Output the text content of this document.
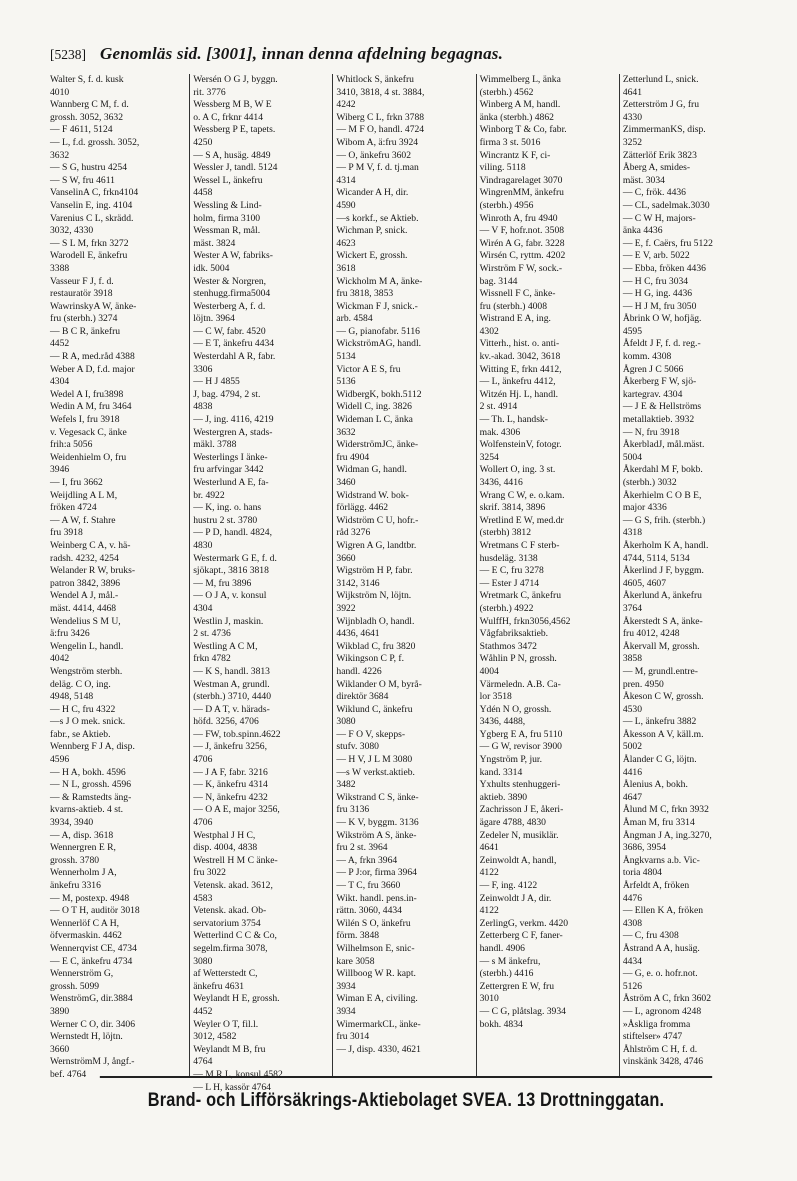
[5238] Genomläs sid. [3001], innan denna afdelning begagnas.
Walter S, f. d. kusk
4010
Wannberg C M, f. d.
grossh. 3052, 3632
— F 4611, 5124
— L, f.d. grossh. 3052,
3632
— S G, hustru 4254
— S W, fru 4611
VanselinA C, frkn4104
Vanselin E, ing. 4104
Varenius C L, skrädd.
3032, 4330
— S L M, frkn 3272
Warodell E, änkefru
3388
Vasseur F J, f. d.
restauratör 3918
WawrinskyA W, änke-
fru (sterbh.) 3274
— B C R, änkefru
4452
— R A, med.råd 4388
Weber A D, f.d. major
4304
Wedel A I, fru3898
Wedin A M, fru 3464
Wefels I, fru 3918
v. Vegesack C, änke
frih:a 5056
Weidenhielm O, fru
3946
— I, fru 3662
Weijdling A L M,
fröken 4724
— A W, f. Stahre
fru 3918
Weinberg C A, v. hä-
radsh. 4232, 4254
Welander R W, bruks-
patron 3842, 3896
Wendel A J, mål.-
mäst. 4414, 4468
Wendelius S M U,
ä:fru 3426
Wengelin L, handl.
4042
Wengström sterbh.
deläg. C O, ing.
4948, 5148
— H C, fru 4322
—s J O mek. snick.
fabr., se Aktieb.
Wennberg F J A, disp.
4596
— H A, bokh. 4596
— N L, grossh. 4596
— & Ramstedts äng-
kvarns-aktieb. 4 st.
3934, 3940
— A, disp. 3618
Wennergren E R,
grossh. 3780
Wennerholm J A,
änkefru 3316
— M, postexp. 4948
— O T H, auditör 3018
Wennerlöf C A H,
öfvermaskin. 4462
Wennerqvist CE, 4734
— E C, änkefru 4734
Wennerström G,
grossh. 5099
WenströmG, dir.3884
3890
Werner C O, dir. 3406
Wernstedt H, löjtn.
3660
WernströmM J, ångf.-
bef. 4764
Wersén O G J, byggn.
rit. 3776
Wessberg M B, W E
o. A C, frknr 4414
Wessberg P E, tapets.
4250
— S A, husäg. 4849
Wessler J, tandl. 5124
Wessel L, änkefru
4458
Wessling & Lind-
holm, firma 3100
Wessman R, mål.
mäst. 3824
Wester A W, fabriks-
idk. 5004
Wester & Norgren,
stenhugg.firma5004
Westerberg A, f. d.
löjtn. 3964
— C W, fabr. 4520
— E T, änkefru 4434
Westerdahl A R, fabr.
3306
— H J 4855
J, bag. 4794, 2 st.
4838
— J, ing. 4116, 4219
Westergren A, stads-
mäkl. 3788
Westerlings I änke-
fru arfvingar 3442
Westerlund A E, fa-
br. 4922
— K, ing. o. hans
hustru 2 st. 3780
— P D, handl. 4824,
4830
Westermark G E, f. d.
sjökapt., 3816 3818
— M, fru 3896
— O J A, v. konsul
4304
Westlin J, maskin.
2 st. 4736
Westling A C M,
frkn 4782
— K S, handl. 3813
Westman A, grundl.
(sterbh.) 3710, 4440
— D A T, v. härads-
höfd. 3256, 4706
— FW, tob.spinn.4622
— J, änkefru 3256,
4706
— J A F, fabr. 3216
— K, änkefru 4314
— N, änkefru 4232
— O A E, major 3256,
4706
Westphal J H C,
disp. 4004, 4838
Westrell H M C änke-
fru 3022
Vetensk. akad. 3612,
4583
Vetensk. akad. Ob-
servatorium 3754
Wetterlind C C & Co,
segelm.firma 3078,
3080
af Wetterstedt C,
änkefru 4631
Weylandt H E, grossh.
4452
Weyler O T, fil.l.
3012, 4582
Weylandt M B, fru
4764
— M R L, konsul 4582
— L H, kassör 4764
Whitlock S, änkefru
3410, 3818, 4 st. 3884,
4242
Wiberg C L, frkn 3788
— M F O, handl. 4724
Wibom A, ä:fru 3924
— O, änkefru 3602
— P M V, f. d. tj.man
4314
Wicander A H, dir.
4590
—s korkf., se Aktieb.
Wichman P, snick.
4623
Wickert E, grossh.
3618
Wickholm M A, änke-
fru 3818, 3853
Wickman F J, snick.-
arb. 4584
— G, pianofabr. 5116
WickströmAG, handl.
5134
Victor A E S, fru
5136
WidbergK, bokh.5112
Widell C, ing. 3826
Wideman L C, änka
3632
WiderströmJC, änke-
fru 4904
Widman G, handl.
3460
Widstrand W. bok-
förlägg. 4462
Widström C U, hofr.-
råd 3276
Wigren A G, landtbr.
3660
Wigström H P, fabr.
3142, 3146
Wijkström N, löjtn.
3922
Wijnbladh O, handl.
4436, 4641
Wikblad C, fru 3820
Wikingson C P, f.
handl. 4226
Wiklander O M, byrå-
direktör 3684
Wiklund C, änkefru
3080
— F O V, skepps-
stufv. 3080
— H V, J L M 3080
—s W verkst.aktieb.
3482
Wikstrand C S, änke-
fru 3136
— K V, byggm. 3136
Wikström A S, änke-
fru 2 st. 3964
— A, frkn 3964
— P J:or, firma 3964
— T C, fru 3660
Wikt. handl. pens.in-
rättn. 3060, 4434
Wilén S O, änkefru
förm. 3848
Wilhelmson E, snic-
kare 3058
Willboog W R. kapt.
3934
Wiman E A, civiling.
3934
WimermarkCL, änke-
fru 3014
— J, disp. 4330, 4621
Wimmelberg L, änka
(sterbh.) 4562
Winberg A M, handl.
änka (sterbh.) 4862
Winborg T & Co, fabr.
firma 3 st. 5016
Wincrantz K F, ci-
viling. 5118
Vindragarelaget 3070
WingrenMM, änkefru
(sterbh.) 4956
Winroth A, fru 4940
— V F, hofr.not. 3508
Wirén A G, fabr. 3228
Wirsén C, ryttm. 4202
Wirström F W, sock.-
bag. 3144
Wissnell F C, änke-
fru (sterbh.) 4008
Wistrand E A, ing.
4302
Vitterh., hist. o. anti-
kv.-akad. 3042, 3618
Witting E, frkn 4412,
— L, änkefru 4412,
Witzén Hj. L, handl.
2 st. 4914
— Th. L, handsk-
mak. 4306
WolfensteinV, fotogr.
3254
Wollert O, ing. 3 st.
3436, 4416
Wrang C W, e. o.kam.
skrif. 3814, 3896
Wretlind E W, med.dr
(sterbh) 3812
Wretmans C F sterb-
husdeläg. 3138
— E C, fru 3278
— Ester J 4714
Wretmark C, änkefru
(sterbh.) 4922
WulffH, frkn3056,4562
Vågfabriksaktieb.
Stathmos 3472
Wåhlin P N, grossh.
4004
Värmeledn. A.B. Ca-
lor 3518
Ydén N O, grossh.
3436, 4488,
Ygberg E A, fru 5110
— G W, revisor 3900
Yngström P, jur.
kand. 3314
Yxhults stenhuggeri-
aktieb. 3890
Zachrisson J E, åkeri-
ägare 4788, 4830
Zedeler N, musiklär.
4641
Zeinwoldt A, handl,
4122
— F, ing. 4122
Zeinwoldt J A, dir.
4122
ZerlingG, verkm. 4420
Zetterberg C F, faner-
handl. 4906
— s M änkefru,
(sterbh.) 4416
Zettergren E W, fru
3010
— C G, plåtslag. 3934
bokh. 4834
Zetterlund L, snick.
4641
Zetterström J G, fru
4330
ZimmermanKS, disp.
3252
Zätterlöf Erik 3823
Åberg A, smides-
mäst. 3034
— C, frök. 4436
— CL, sadelmak.3030
— C W H, majors-
änka 4436
— E, f. Caërs, fru 5122
— E V, arb. 5022
— Ebba, fröken 4436
— H C, fru 3034
— H G, ing. 4436
— H J M, fru 3050
Åbrink O W, hofjäg.
4595
Åfeldt J F, f. d. reg.-
komm. 4308
Ågren J C 5066
Åkerberg F W, sjö-
kartegrav. 4304
— J E & Hellströms
metallaktieb. 3932
— N, fru 3918
ÅkerbladJ, mål.mäst.
5004
Åkerdahl M F, bokb.
(sterbh.) 3032
Åkerhielm C O B E,
major 4336
— G S, frih. (sterbh.)
4318
Åkerholm K A, handl.
4744, 5114, 5134
Åkerlind J F, byggm.
4605, 4607
Åkerlund A, änkefru
3764
Åkerstedt S A, änke-
fru 4012, 4248
Åkervall M, grossh.
3858
— M, grundl.entre-
pren. 4950
Åkeson C W, grossh.
4530
— L, änkefru 3882
Åkesson A V, käll.m.
5002
Ålander C G, löjtn.
4416
Ålenius A, bokh.
4647
Ålund M C, frkn 3932
Åman M, fru 3314
Ångman J A, ing.3270,
3686, 3954
Ångkvarns a.b. Vic-
toria 4804
Årfeldt A, fröken
4476
— Ellen K A, fröken
4308
— C, fru 4308
Åstrand A A, husäg.
4434
— G, e. o. hofr.not.
5126
Åström A C, frkn 3602
— L, agronom 4248
»Åskliga fromma
stiftelser» 4747
Åhlström C H, f. d.
vinskänk 3428, 4746
Brand- och Lifförsäkrings-Aktiebolaget SVEA. 13 Drottninggatan.
